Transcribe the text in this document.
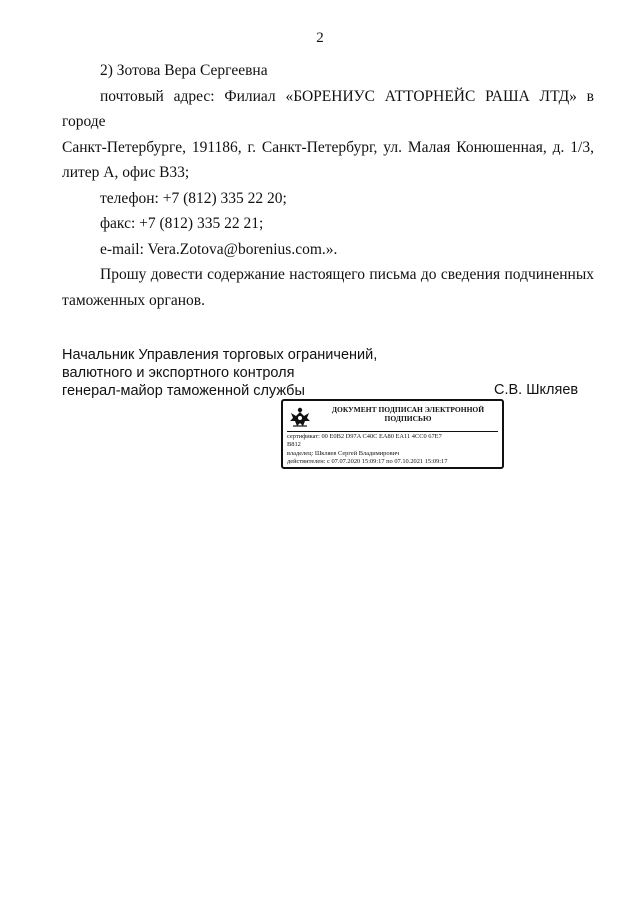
2

2) Зотова Вера Сергеевна

почтовый адрес: Филиал «БОРЕНИУС АТТОРНЕЙС РАША ЛТД» в городе

Санкт-Петербурге, 191186, г. Санкт-Петербург, ул. Малая Конюшенная, д. 1/3,

литер А, офис В33;

телефон: +7 (812) 335 22 20;

факс: +7 (812) 335 22 21;

e-mail: Vera.Zotova@borenius.com.».

Прошу довести содержание настоящего письма до сведения подчиненных

таможенных органов.

Начальник Управления торговых ограничений,
валютного и экспортного контроля
генерал-майор таможенной службы	С.В. Шкляев
ДОКУМЕНТ ПОДПИСАН ЭЛЕКТРОННОЙ ПОДПИСЬЮ
сертификат: 00 E0B2 D97A C40C EA80 EA11 4CC0 67E7
B812
владелец: Шкляев Сергей Владимирович
действителен: с 07.07.2020 15:09:17 по 07.10.2021 15:09:17
